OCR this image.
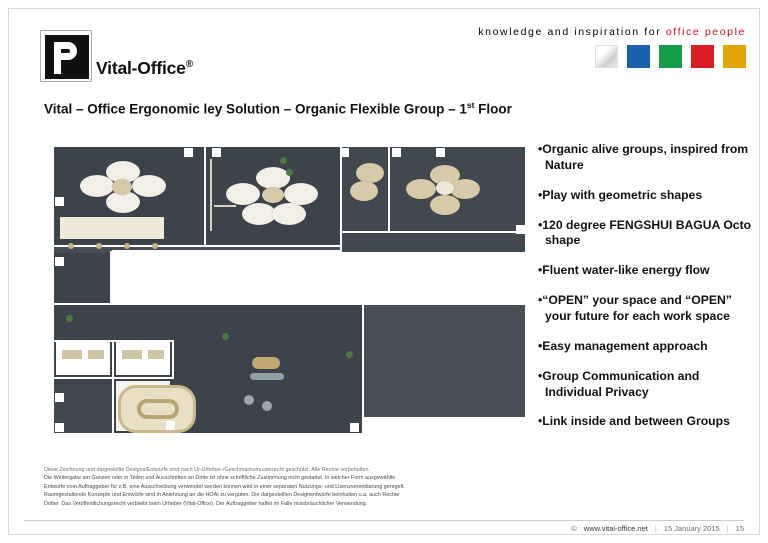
Vital-Office®
knowledge and inspiration for office people
Vital – Office Ergonomic ley Solution – Organic Flexible Group – 1st Floor
•Organic alive groups, inspired from Nature
•Play with geometric shapes
•120 degree FENGSHUI BAGUA Octo shape
•Fluent water-like energy flow
•“OPEN” your space and “OPEN” your future for each work space
•Easy management approach
•Group Communication and Individual Privacy
•Link inside and between Groups
Diese Zeichnung und dargestellte Designs/Entwürfe sind nach Ur-Urheber-/Geschmacksmusterrecht geschützt. Alle Rechte vorbehalten.
Die Weitergabe am Ganzen oder in Teilen und Ausschnitten an Dritte ist ohne schriftliche Zustimmung nicht gestattet. In welcher Form ausgewählte
Entwürfe vom Auftraggeber für z.B. eine Ausschreibung verwendet werden können wird in einer separaten Nutzungs- und Lizenzvereinbarung geregelt.
Raumgestaltende Konzepte und Entwürfe sind in Anlehnung an die HOAI zu vergüten. Die dargestellten Designentwürfe beinhalten u.a. auch Rechte
Dritter. Das Veröffentlichungsrecht verbleibt beim Urheber (Vital-Office). Der Auftraggeber haftet im Falle missbräuchlicher Verwendung.
© www.vital-office.net | 15 January 2015 | 15
